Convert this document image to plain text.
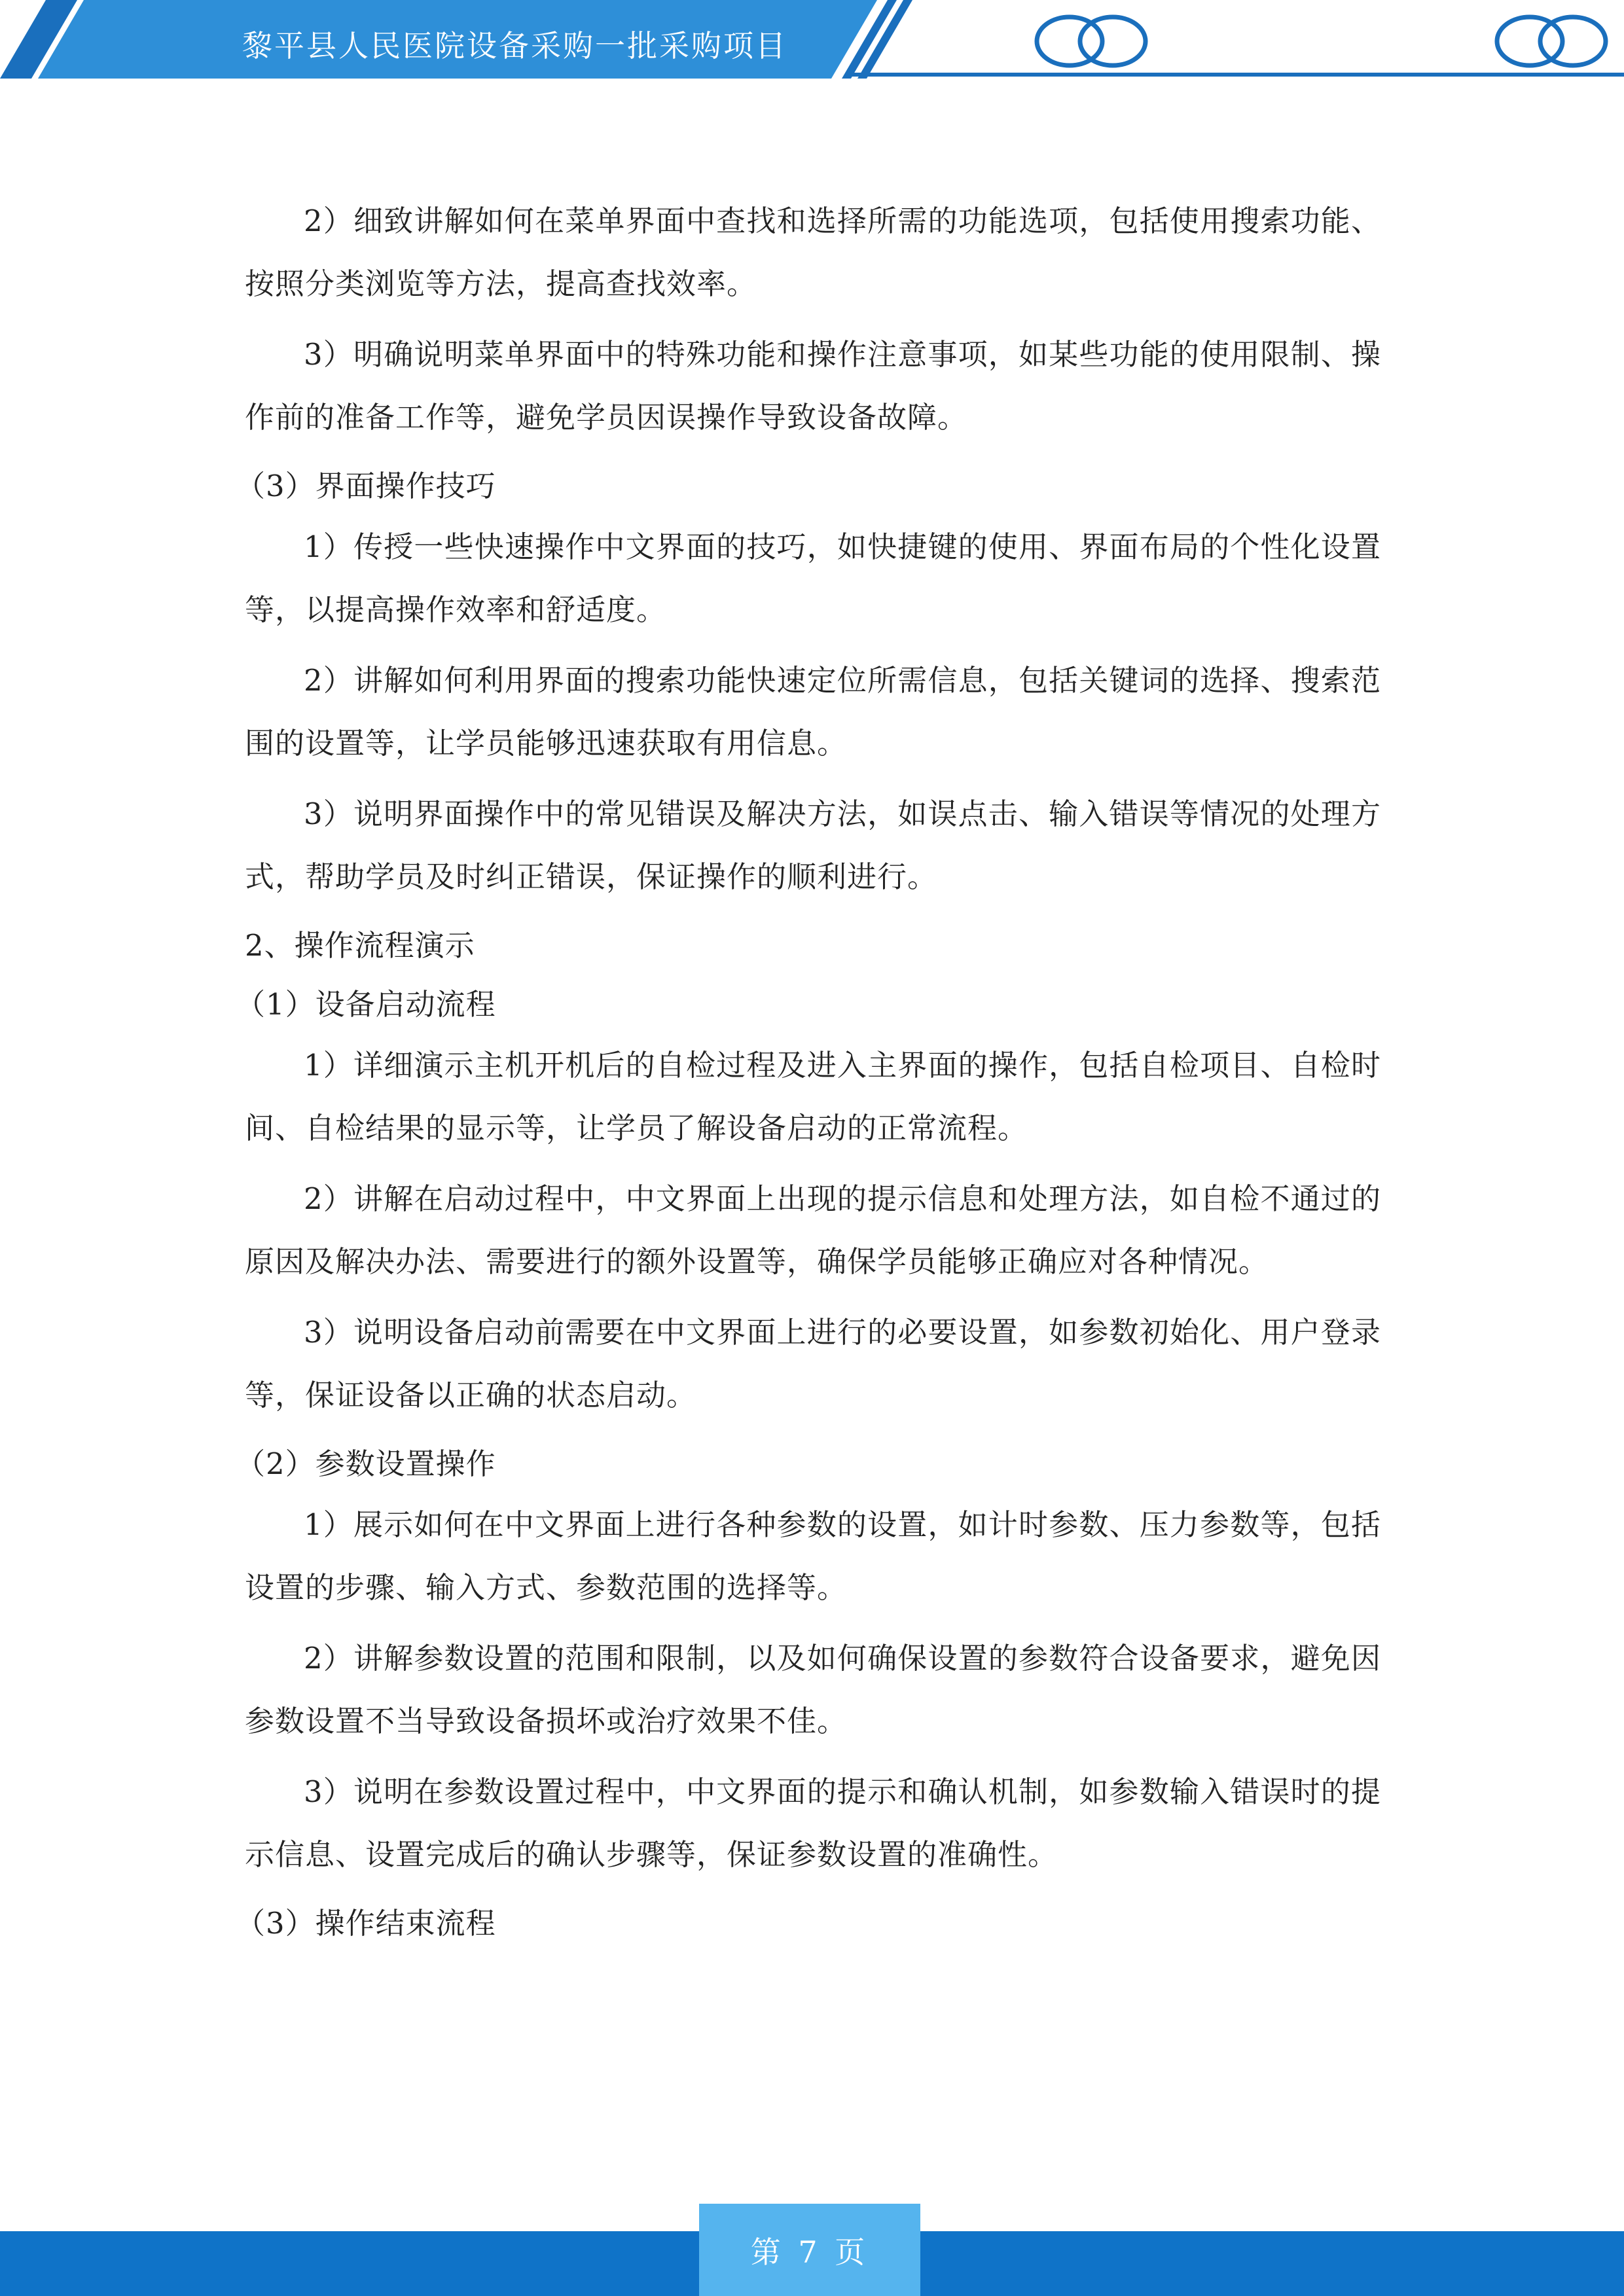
黎平县人民医院设备采购一批采购项目

2）细致讲解如何在菜单界面中查找和选择所需的功能选项，包括使用搜索功能、按照分类浏览等方法，提高查找效率。

3）明确说明菜单界面中的特殊功能和操作注意事项，如某些功能的使用限制、操作前的准备工作等，避免学员因误操作导致设备故障。

（3）界面操作技巧

1）传授一些快速操作中文界面的技巧，如快捷键的使用、界面布局的个性化设置等，以提高操作效率和舒适度。

2）讲解如何利用界面的搜索功能快速定位所需信息，包括关键词的选择、搜索范围的设置等，让学员能够迅速获取有用信息。

3）说明界面操作中的常见错误及解决方法，如误点击、输入错误等情况的处理方式，帮助学员及时纠正错误，保证操作的顺利进行。

2、操作流程演示

（1）设备启动流程

1）详细演示主机开机后的自检过程及进入主界面的操作，包括自检项目、自检时间、自检结果的显示等，让学员了解设备启动的正常流程。

2）讲解在启动过程中，中文界面上出现的提示信息和处理方法，如自检不通过的原因及解决办法、需要进行的额外设置等，确保学员能够正确应对各种情况。

3）说明设备启动前需要在中文界面上进行的必要设置，如参数初始化、用户登录等，保证设备以正确的状态启动。

（2）参数设置操作

1）展示如何在中文界面上进行各种参数的设置，如计时参数、压力参数等，包括设置的步骤、输入方式、参数范围的选择等。

2）讲解参数设置的范围和限制，以及如何确保设置的参数符合设备要求，避免因参数设置不当导致设备损坏或治疗效果不佳。

3）说明在参数设置过程中，中文界面的提示和确认机制，如参数输入错误时的提示信息、设置完成后的确认步骤等，保证参数设置的准确性。

（3）操作结束流程

第 7 页
